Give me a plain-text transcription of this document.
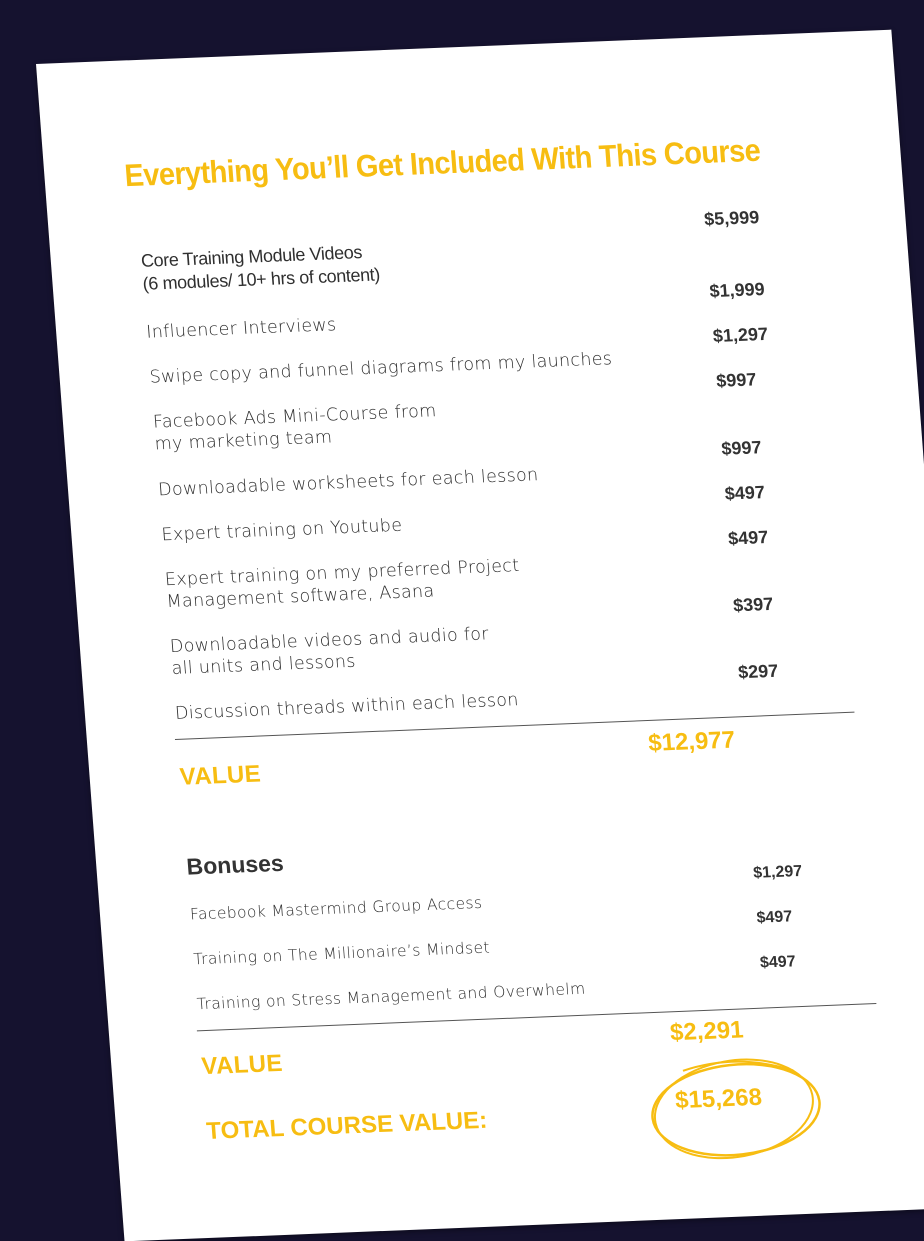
Everything You’ll Get Included With This Course
Core Training Module Videos
(6 modules/ 10+ hrs of content)
$5,999
Influencer Interviews
$1,999
Swipe copy and funnel diagrams from my launches
$1,297
Facebook Ads Mini-Course from
my marketing team
$997
Downloadable worksheets for each lesson
$997
Expert training on Youtube
$497
Expert training on my preferred Project
Management software, Asana
$497
Downloadable videos and audio for
all units and lessons
$397
Discussion threads within each lesson
$297
VALUE
$12,977
Bonuses
Facebook Mastermind Group Access
$1,297
Training on The Millionaire’s Mindset
$497
Training on Stress Management and Overwhelm
$497
VALUE
$2,291
TOTAL COURSE VALUE:
$15,268
